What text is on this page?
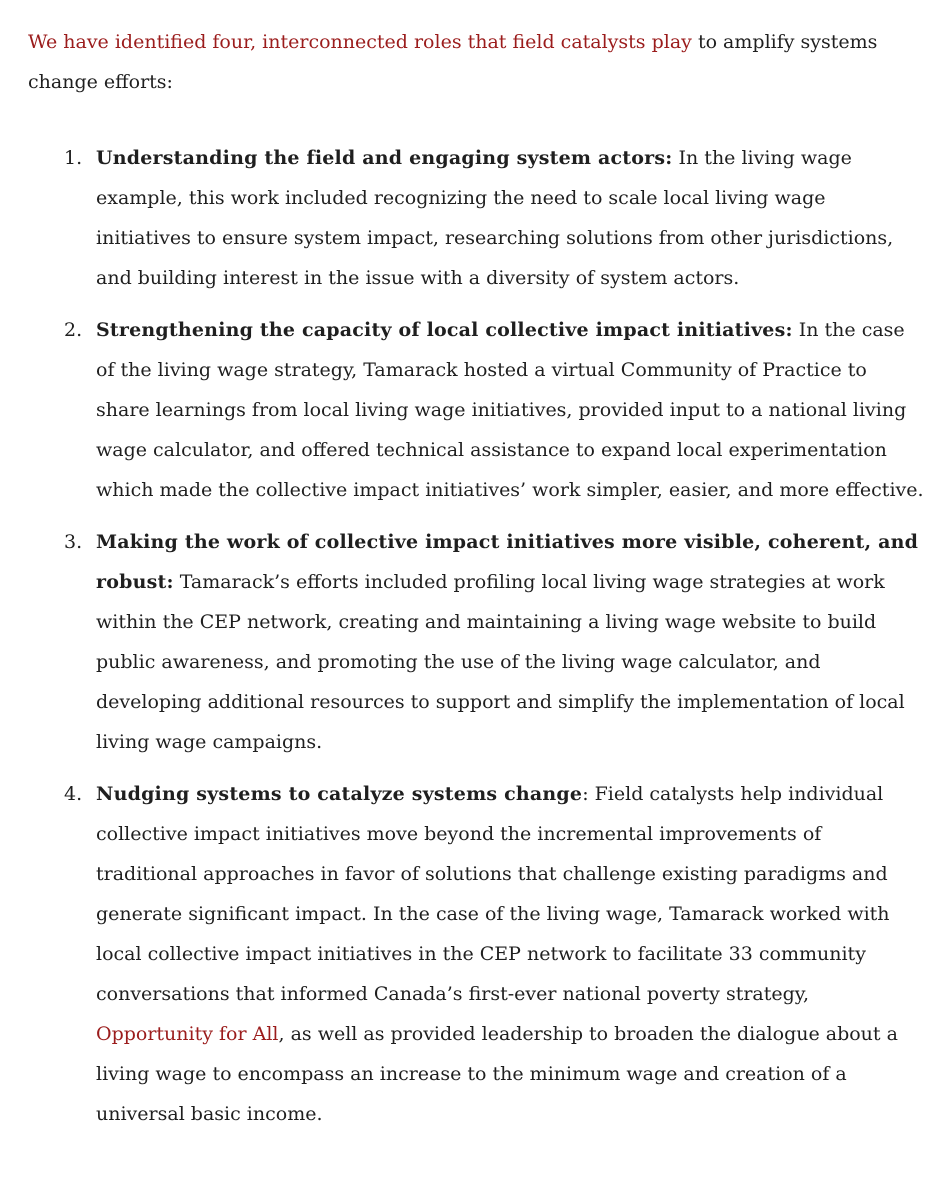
We have identified four, interconnected roles that field catalysts play to amplify systems change efforts:

1. Understanding the field and engaging system actors: In the living wage example, this work included recognizing the need to scale local living wage initiatives to ensure system impact, researching solutions from other jurisdictions, and building interest in the issue with a diversity of system actors.
2. Strengthening the capacity of local collective impact initiatives: In the case of the living wage strategy, Tamarack hosted a virtual Community of Practice to share learnings from local living wage initiatives, provided input to a national living wage calculator, and offered technical assistance to expand local experimentation which made the collective impact initiatives’ work simpler, easier, and more effective.
3. Making the work of collective impact initiatives more visible, coherent, and robust: Tamarack’s efforts included profiling local living wage strategies at work within the CEP network, creating and maintaining a living wage website to build public awareness, and promoting the use of the living wage calculator, and developing additional resources to support and simplify the implementation of local living wage campaigns.
4. Nudging systems to catalyze systems change: Field catalysts help individual collective impact initiatives move beyond the incremental improvements of traditional approaches in favor of solutions that challenge existing paradigms and generate significant impact. In the case of the living wage, Tamarack worked with local collective impact initiatives in the CEP network to facilitate 33 community conversations that informed Canada’s first-ever national poverty strategy, Opportunity for All, as well as provided leadership to broaden the dialogue about a living wage to encompass an increase to the minimum wage and creation of a universal basic income.
